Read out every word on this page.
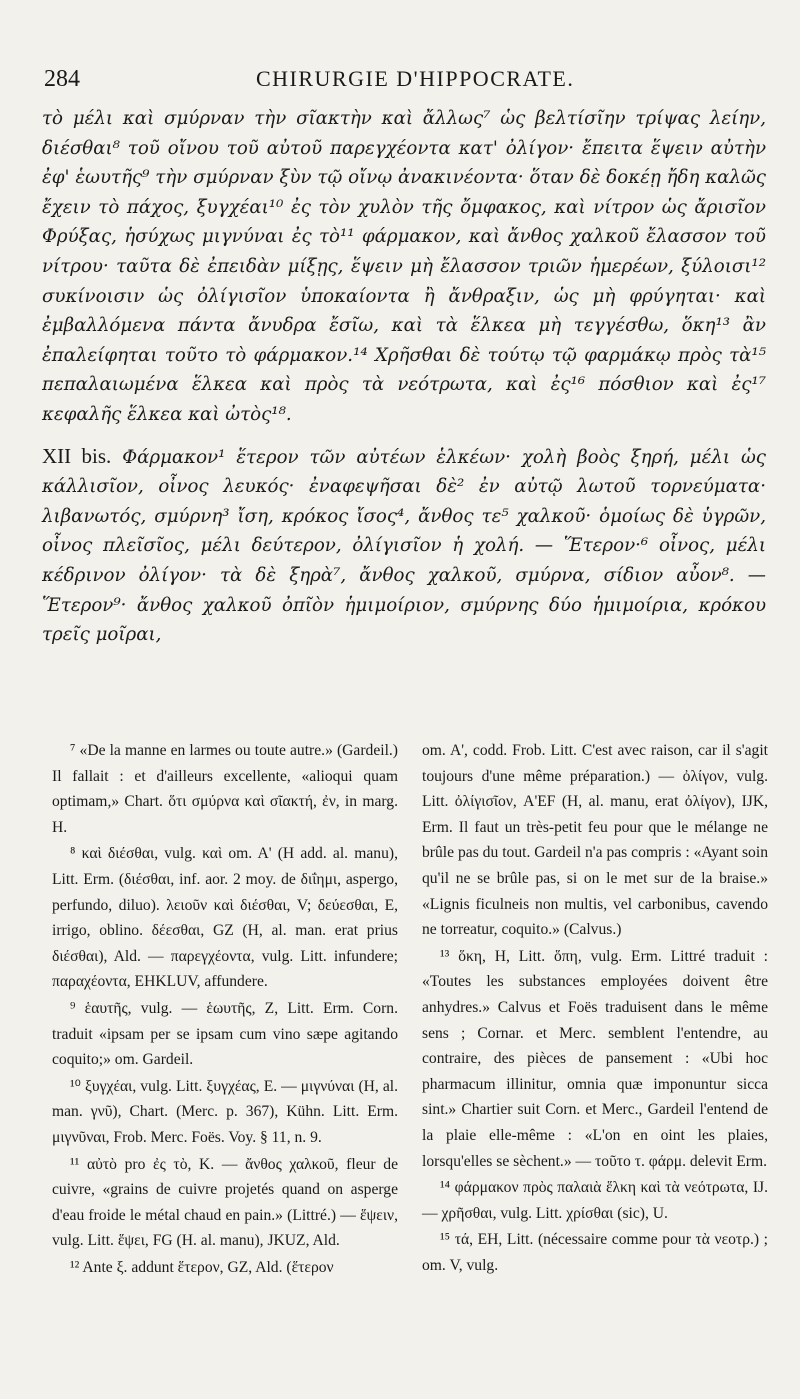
284	CHIRURGIE D'HIPPOCRATE.

τὸ μέλι καὶ σμύρναν τὴν σῖακτὴν καὶ ἄλλως⁷ ὡς βελτίσῖην τρίψας λείην, διέσθαι⁸ τοῦ οἴνου τοῦ αὐτοῦ παρεγχέοντα κατ' ὀλίγον· ἔπειτα ἕψειν αὐτὴν ἐφ' ἑωυτῆς⁹ τὴν σμύρναν ξὺν τῷ οἴνῳ ἀνακινέοντα· ὅταν δὲ δοκέῃ ἤδη καλῶς ἔχειν τὸ πάχος, ξυγχέαι¹⁰ ἐς τὸν χυλὸν τῆς ὄμφακος, καὶ νίτρον ὡς ἄρισῖον Φρύξας, ἡσύχως μιγνύναι ἐς τὸ¹¹ φάρμακον, καὶ ἄνθος χαλκοῦ ἔλασσον τοῦ νίτρου· ταῦτα δὲ ἐπειδὰν μίξῃς, ἕψειν μὴ ἔλασσον τριῶν ἡμερέων, ξύλοισι¹² συκίνοισιν ὡς ὀλίγισῖον ὑποκαίοντα ἢ ἄνθραξιν, ὡς μὴ φρύγηται· καὶ ἐμβαλλόμενα πάντα ἄνυδρα ἔσῖω, καὶ τὰ ἕλκεα μὴ τεγγέσθω, ὅκη¹³ ἂν ἐπαλείφηται τοῦτο τὸ φάρμακον.¹⁴ Χρῆσθαι δὲ τούτῳ τῷ φαρμάκῳ πρὸς τὰ¹⁵ πεπαλαιωμένα ἕλκεα καὶ πρὸς τὰ νεότρωτα, καὶ ἐς¹⁶ πόσθιον καὶ ἐς¹⁷ κεφαλῆς ἕλκεα καὶ ὠτὸς¹⁸.

XII bis. Φάρμακον¹ ἕτερον τῶν αὐτέων ἑλκέων· χολὴ βοὸς ξηρή, μέλι ὡς κάλλισῖον, οἶνος λευκός· ἐναφεψῆσαι δὲ² ἐν αὐτῷ λωτοῦ τορνεύματα· λιβανωτός, σμύρνη³ ἴση, κρόκος ἴσος⁴, ἄνθος τε⁵ χαλκοῦ· ὁμοίως δὲ ὑγρῶν, οἶνος πλεῖσῖος, μέλι δεύτερον, ὀλίγισῖον ἡ χολή. — Ἕτερον·⁶ οἶνος, μέλι κέδρινον ὀλίγον· τὰ δὲ ξηρὰ⁷, ἄνθος χαλκοῦ, σμύρνα, σίδιον αὖον⁸. — Ἕτερον⁹· ἄνθος χαλκοῦ ὀπῖὸν ἡμιμοίριον, σμύρνης δύο ἡμιμοίρια, κρόκου τρεῖς μοῖραι,

⁷ «De la manne en larmes ou toute autre.» (Gardeil.) Il fallait : et d'ailleurs excellente, «alioqui quam optimam,» Chart. ὅτι σμύρνα καὶ σῖακτή, ἐν, in marg. H.

⁸ καὶ διέσθαι, vulg. καὶ om. A' (H add. al. manu), Litt. Erm. (διέσθαι, inf. aor. 2 moy. de διΐημι, aspergo, perfundo, diluo). λειοῦν καὶ διέσθαι, V; δεύεσθαι, E, irrigo, oblino. δέεσθαι, GZ (H, al. man. erat prius διέσθαι), Ald. — παρεγχέοντα, vulg. Litt. infundere; παραχέοντα, EHKLUV, affundere.

⁹ ἑαυτῆς, vulg. — ἑωυτῆς, Z, Litt. Erm. Corn. traduit «ipsam per se ipsam cum vino sæpe agitando coquito;» om. Gardeil.

¹⁰ ξυγχέαι, vulg. Litt. ξυγχέας, E. — μιγνύναι (H, al. man. γνῦ), Chart. (Merc. p. 367), Kühn. Litt. Erm. μιγνῦναι, Frob. Merc. Foës. Voy. § 11, n. 9.

¹¹ αὐτὸ pro ἐς τὸ, K. — ἄνθος χαλκοῦ, fleur de cuivre, «grains de cuivre projetés quand on asperge d'eau froide le métal chaud en pain.» (Littré.) — ἕψειν, vulg. Litt. ἕψει, FG (H. al. manu), JKUZ, Ald.

¹² Ante ξ. addunt ἕτερον, GZ, Ald. (ἕτερον

om. A', codd. Frob. Litt. C'est avec raison, car il s'agit toujours d'une même préparation.) — ὀλίγον, vulg. Litt. ὀλίγισῖον, A'EF (H, al. manu, erat ὀλίγον), IJK, Erm. Il faut un très-petit feu pour que le mélange ne brûle pas du tout. Gardeil n'a pas compris : «Ayant soin qu'il ne se brûle pas, si on le met sur de la braise.» «Lignis ficulneis non multis, vel carbonibus, cavendo ne torreatur, coquito.» (Calvus.)

¹³ ὅκη, H, Litt. ὅπη, vulg. Erm. Littré traduit : «Toutes les substances employées doivent être anhydres.» Calvus et Foës traduisent dans le même sens ; Cornar. et Merc. semblent l'entendre, au contraire, des pièces de pansement : «Ubi hoc pharmacum illinitur, omnia quæ imponuntur sicca sint.» Chartier suit Corn. et Merc., Gardeil l'entend de la plaie elle-même : «L'on en oint les plaies, lorsqu'elles se sèchent.» — τοῦτο τ. φάρμ. delevit Erm.

¹⁴ φάρμακον πρὸς παλαιὰ ἕλκη καὶ τὰ νεότρωτα, IJ. — χρῆσθαι, vulg. Litt. χρίσθαι (sic), U.

¹⁵ τά, EH, Litt. (nécessaire comme pour τὰ νεοτρ.) ; om. V, vulg.
